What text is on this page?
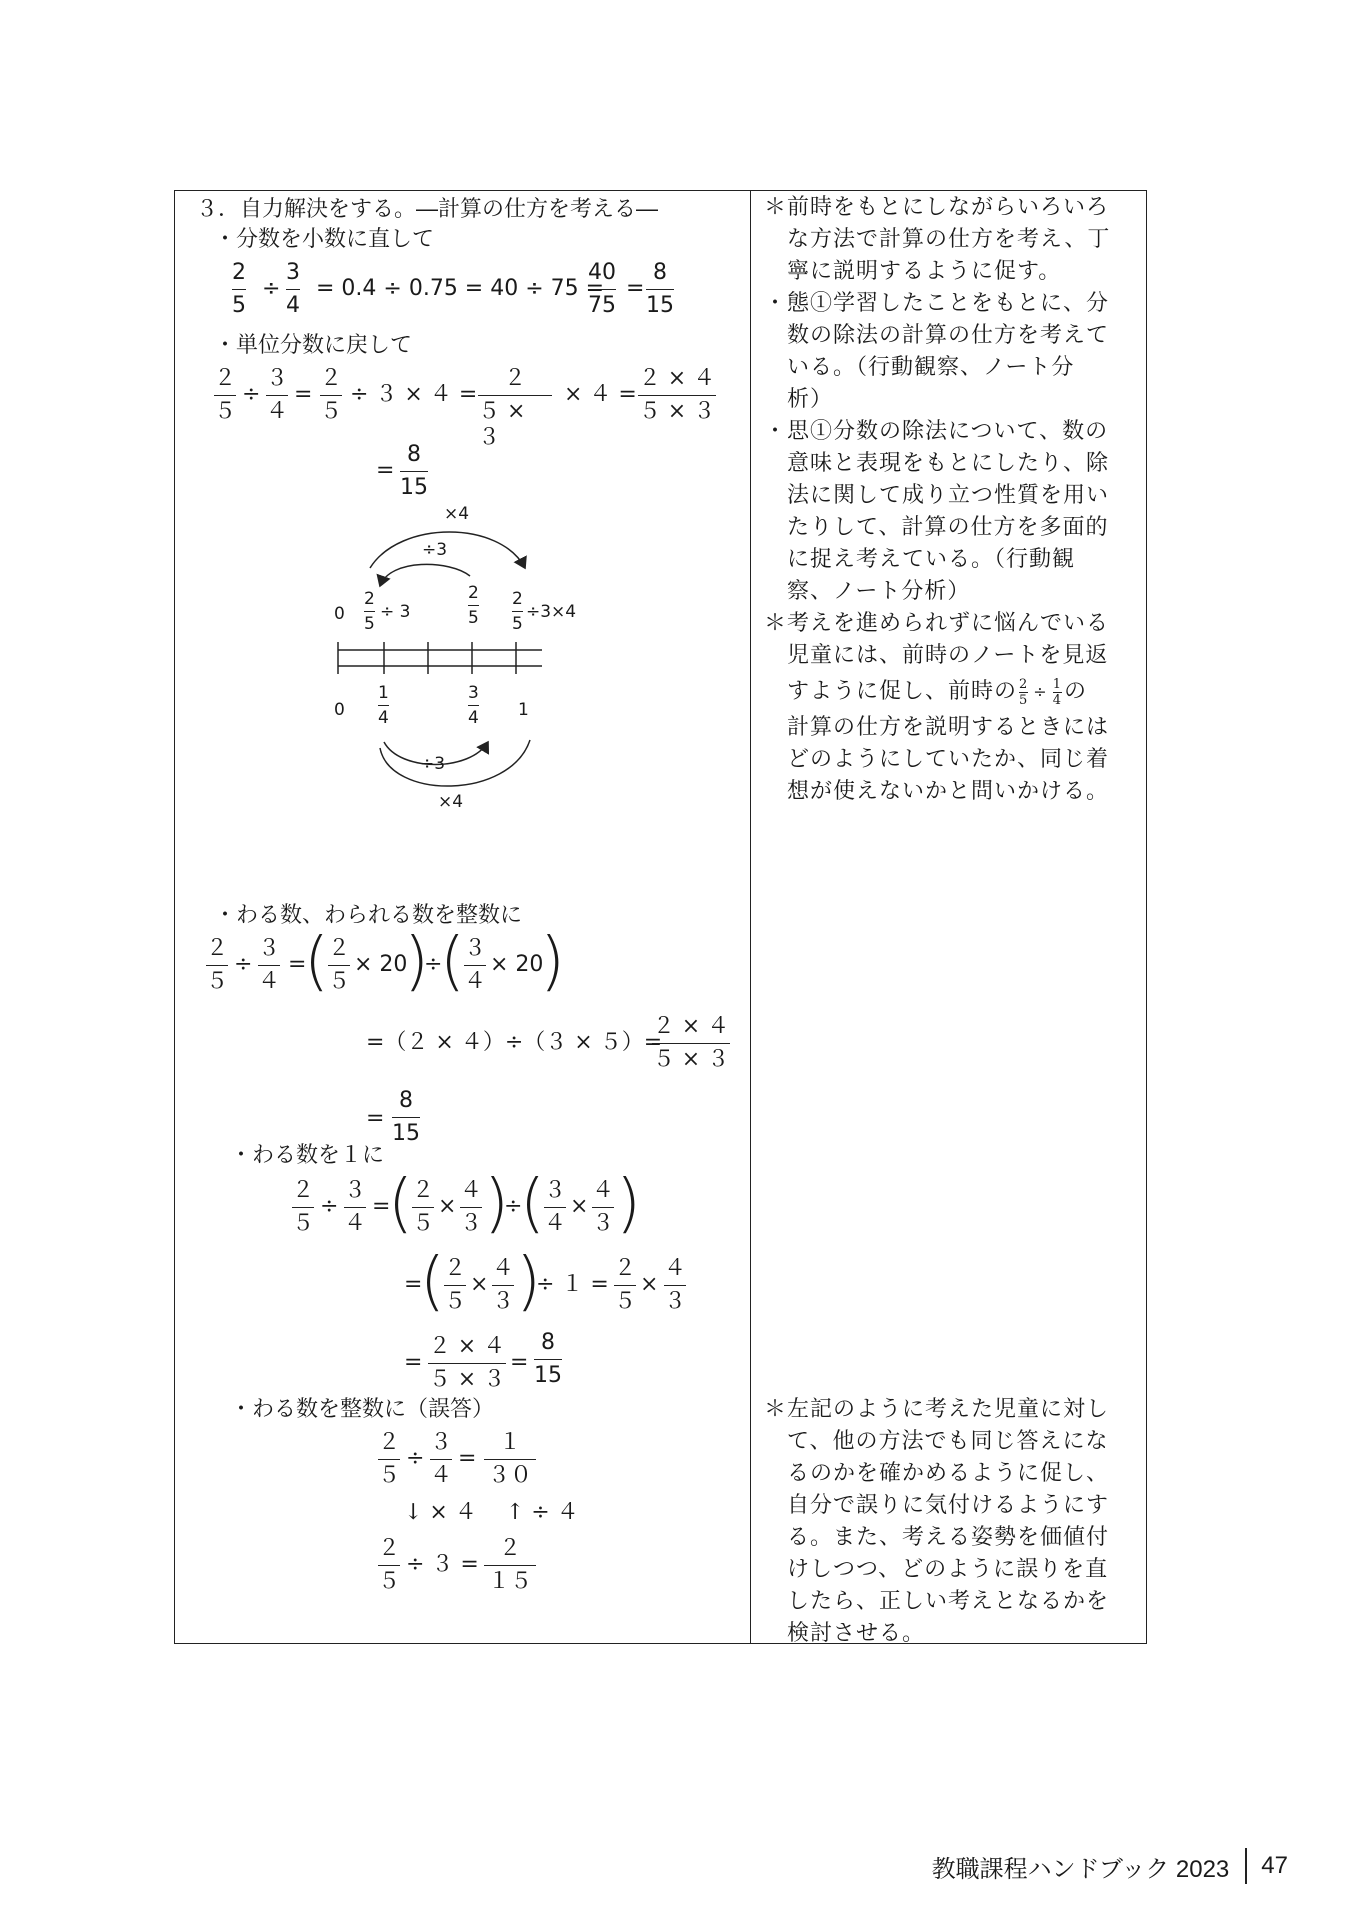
３．自力解決をする。―計算の仕方を考える―
・分数を小数に直して
2
5
÷
3
4
= 0.4 ÷ 0.75 = 40 ÷ 75 =
40
75
=
8
15
・単位分数に戻して
２
５
÷
３
４
=
２
５
÷ ３ × ４ =
２
５ × ３
× ４ =
２ × ４
５ × ３
=
8
15
×4
÷3
0
2
5
÷ 3
2
5
2
5
÷3×4
0
1
4
3
4 1
÷3
×4
・わる数、わられる数を整数に
２
５
÷
３
４
=
( ２
５
× 20
)
÷
( ３
４
× 20
)
=（２ × ４）÷（３ × ５）=
２ × ４
５ × ３
=
8
15
・わる数を１に
２
５
÷
３
４
=
( ２
５
×
４
３ )
÷
( ３
４
×
４
３ )
=
( ２
５
×
４
３ )
÷ １ =
２
５
×
４
３
=
２ × ４
５ × ３
=
8
15
・わる数を整数に（誤答）
２
５
÷
３
４
=
１
３０
↓ × ４　 ↑ ÷ ４
２
５
÷ ３ =
２
１５
＊前時をもとにしながらいろいろ
　な方法で計算の仕方を考え、丁
　寧に説明するように促す。
・態①学習したことをもとに、分
　数の除法の計算の仕方を考えて
　いる。（行動観察、ノート分
　析）
・思①分数の除法について、数の
　意味と表現をもとにしたり、除
　法に関して成り立つ性質を用い
　たりして、計算の仕方を多面的
　に捉え考えている。（行動観
　察、ノート分析）
＊考えを進められずに悩んでいる
　児童には、前時のノートを見返
　すように促し、前時の 2
5 ÷ 1
4 の
　計算の仕方を説明するときには
　どのようにしていたか、同じ着
　想が使えないかと問いかける。
＊左記のように考えた児童に対し
　て、他の方法でも同じ答えにな
　るのかを確かめるように促し、
　自分で誤りに気付けるようにす
　る。また、考える姿勢を価値付
　けしつつ、どのように誤りを直
　したら、正しい考えとなるかを
　検討させる。
教職課程ハンドブック 2023 47
